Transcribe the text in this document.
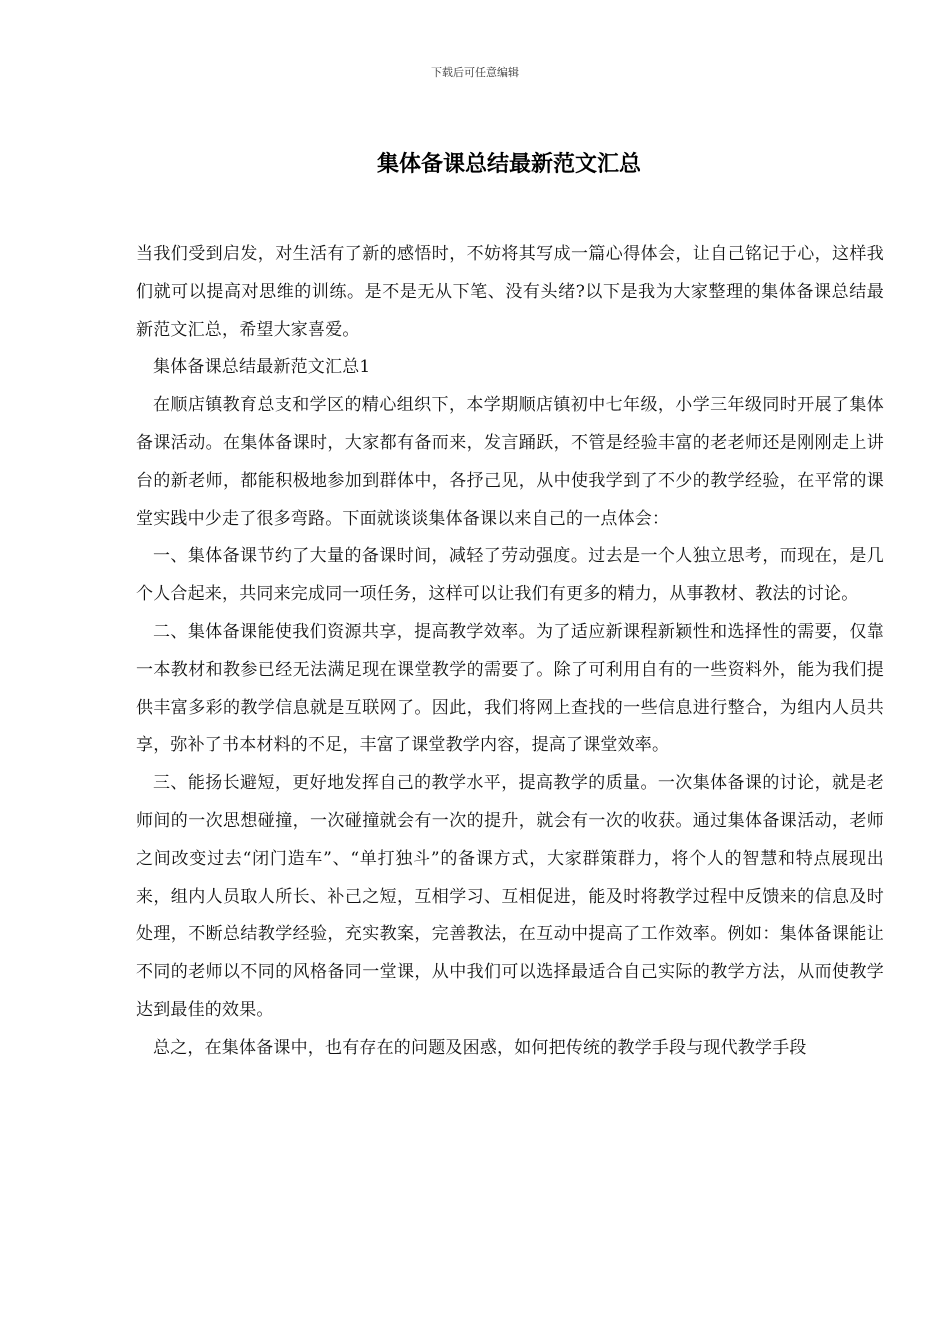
下载后可任意编辑
集体备课总结最新范文汇总

当我们受到启发，对生活有了新的感悟时，不妨将其写成一篇心得体会，让自己铭记于心，这样我们就可以提高对思维的训练。是不是无从下笔、没有头绪?以下是我为大家整理的集体备课总结最新范文汇总，希望大家喜爱。

集体备课总结最新范文汇总1

在顺店镇教育总支和学区的精心组织下，本学期顺店镇初中七年级，小学三年级同时开展了集体备课活动。在集体备课时，大家都有备而来，发言踊跃，不管是经验丰富的老老师还是刚刚走上讲台的新老师，都能积极地参加到群体中，各抒己见，从中使我学到了不少的教学经验，在平常的课堂实践中少走了很多弯路。下面就谈谈集体备课以来自己的一点体会：

一、集体备课节约了大量的备课时间，减轻了劳动强度。过去是一个人独立思考，而现在，是几个人合起来，共同来完成同一项任务，这样可以让我们有更多的精力，从事教材、教法的讨论。

二、集体备课能使我们资源共享，提高教学效率。为了适应新课程新颖性和选择性的需要，仅靠一本教材和教参已经无法满足现在课堂教学的需要了。除了可利用自有的一些资料外，能为我们提供丰富多彩的教学信息就是互联网了。因此，我们将网上查找的一些信息进行整合，为组内人员共享，弥补了书本材料的不足，丰富了课堂教学内容，提高了课堂效率。

三、能扬长避短，更好地发挥自己的教学水平，提高教学的质量。一次集体备课的讨论，就是老师间的一次思想碰撞，一次碰撞就会有一次的提升，就会有一次的收获。通过集体备课活动，老师之间改变过去“闭门造车”、“单打独斗”的备课方式，大家群策群力，将个人的智慧和特点展现出来，组内人员取人所长、补己之短，互相学习、互相促进，能及时将教学过程中反馈来的信息及时处理，不断总结教学经验，充实教案，完善教法，在互动中提高了工作效率。例如：集体备课能让不同的老师以不同的风格备同一堂课，从中我们可以选择最适合自己实际的教学方法，从而使教学达到最佳的效果。

总之，在集体备课中，也有存在的问题及困惑，如何把传统的教学手段与现代教学手段
